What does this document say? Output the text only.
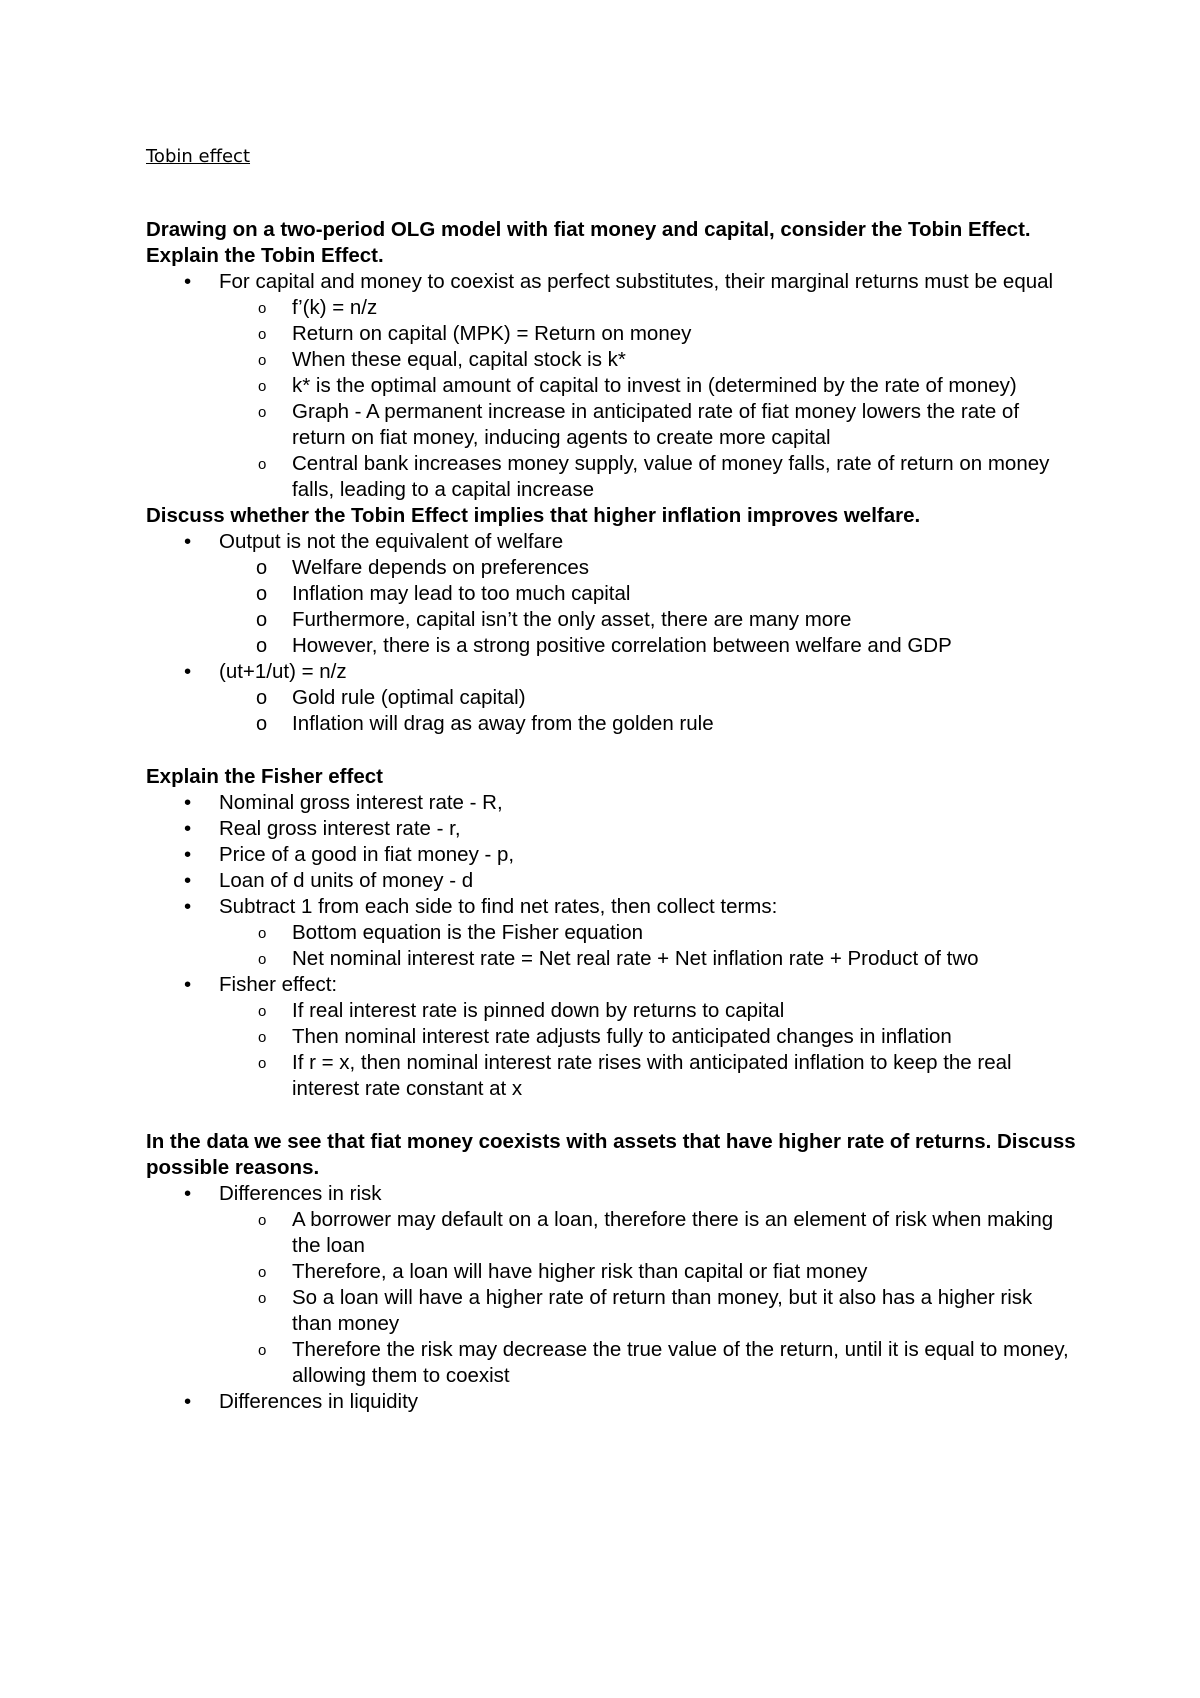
Tobin effect

Drawing on a two-period OLG model with fiat money and capital, consider the Tobin Effect.

Explain the Tobin Effect.

• For capital and money to coexist as perfect substitutes, their marginal returns must be equal
o f’(k) = n/z
o Return on capital (MPK) = Return on money
o When these equal, capital stock is k*
o k* is the optimal amount of capital to invest in (determined by the rate of money)
o Graph - A permanent increase in anticipated rate of fiat money lowers the rate of return on fiat money, inducing agents to create more capital
o Central bank increases money supply, value of money falls, rate of return on money falls, leading to a capital increase

Discuss whether the Tobin Effect implies that higher inflation improves welfare.

• Output is not the equivalent of welfare
o Welfare depends on preferences
o Inflation may lead to too much capital
o Furthermore, capital isn’t the only asset, there are many more
o However, there is a strong positive correlation between welfare and GDP
• (ut+1/ut) = n/z
o Gold rule (optimal capital)
o Inflation will drag as away from the golden rule

Explain the Fisher effect

• Nominal gross interest rate - R,
• Real gross interest rate - r,
• Price of a good in fiat money - p,
• Loan of d units of money - d
• Subtract 1 from each side to find net rates, then collect terms:
o Bottom equation is the Fisher equation
o Net nominal interest rate = Net real rate + Net inflation rate + Product of two
• Fisher effect:
o If real interest rate is pinned down by returns to capital
o Then nominal interest rate adjusts fully to anticipated changes in inflation
o If r = x, then nominal interest rate rises with anticipated inflation to keep the real interest rate constant at x

In the data we see that fiat money coexists with assets that have higher rate of returns. Discuss possible reasons.

• Differences in risk
o A borrower may default on a loan, therefore there is an element of risk when making the loan
o Therefore, a loan will have higher risk than capital or fiat money
o So a loan will have a higher rate of return than money, but it also has a higher risk than money
o Therefore the risk may decrease the true value of the return, until it is equal to money, allowing them to coexist
• Differences in liquidity
